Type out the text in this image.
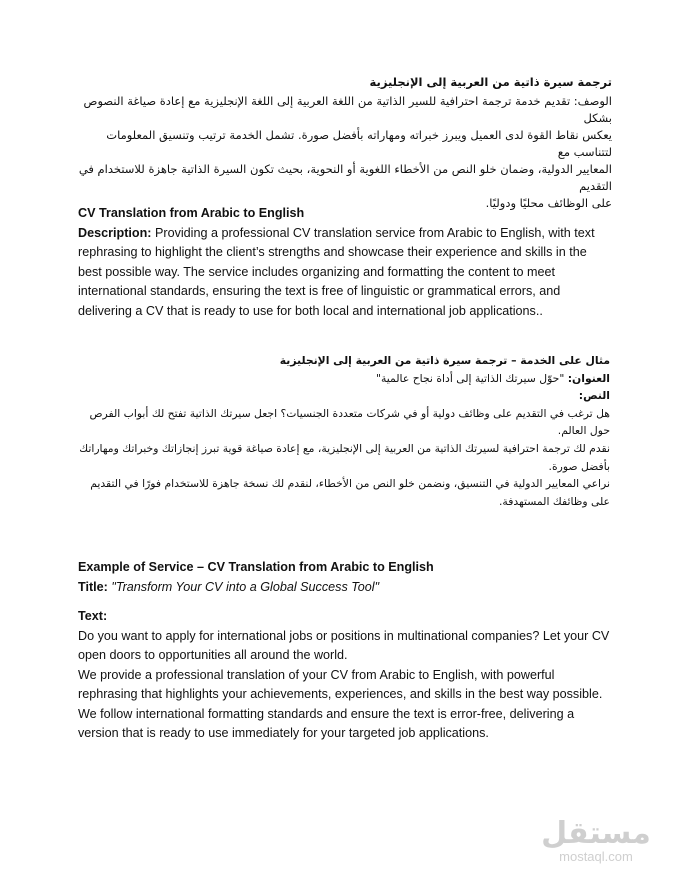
ترجمة سيرة ذاتية من العربية إلى الإنجليزية
الوصف: تقديم خدمة ترجمة احترافية للسير الذاتية من اللغة العربية إلى اللغة الإنجليزية مع إعادة صياغة النصوص بشكل
يعكس نقاط القوة لدى العميل ويبرز خبراته ومهاراته بأفضل صورة. تشمل الخدمة ترتيب وتنسيق المعلومات لتتناسب مع
المعايير الدولية، وضمان خلو النص من الأخطاء اللغوية أو النحوية، بحيث تكون السيرة الذاتية جاهزة للاستخدام في التقديم
على الوظائف محليًا ودوليًا.
CV Translation from Arabic to English
Description: Providing a professional CV translation service from Arabic to English, with text rephrasing to highlight the client’s strengths and showcase their experience and skills in the best possible way. The service includes organizing and formatting the content to meet international standards, ensuring the text is free of linguistic or grammatical errors, and delivering a CV that is ready to use for both local and international job applications..
مثال على الخدمة – ترجمة سيرة ذاتية من العربية إلى الإنجليزية
العنوان: "حوّل سيرتك الذاتية إلى أداة نجاح عالمية"
النص:
هل ترغب في التقديم على وظائف دولية أو في شركات متعددة الجنسيات؟ اجعل سيرتك الذاتية تفتح لك أبواب الفرص حول العالم.
نقدم لك ترجمة احترافية لسيرتك الذاتية من العربية إلى الإنجليزية، مع إعادة صياغة قوية تبرز إنجازاتك وخبراتك ومهاراتك بأفضل صورة.
نراعي المعايير الدولية في التنسيق، ونضمن خلو النص من الأخطاء، لنقدم لك نسخة جاهزة للاستخدام فورًا في التقديم على وظائفك المستهدفة.
Example of Service – CV Translation from Arabic to English
Title: "Transform Your CV into a Global Success Tool"
Text:
Do you want to apply for international jobs or positions in multinational companies? Let your CV open doors to opportunities all around the world.
We provide a professional translation of your CV from Arabic to English, with powerful rephrasing that highlights your achievements, experiences, and skills in the best way possible.
We follow international formatting standards and ensure the text is error-free, delivering a version that is ready to use immediately for your targeted job applications.
مستقل
mostaql.com
